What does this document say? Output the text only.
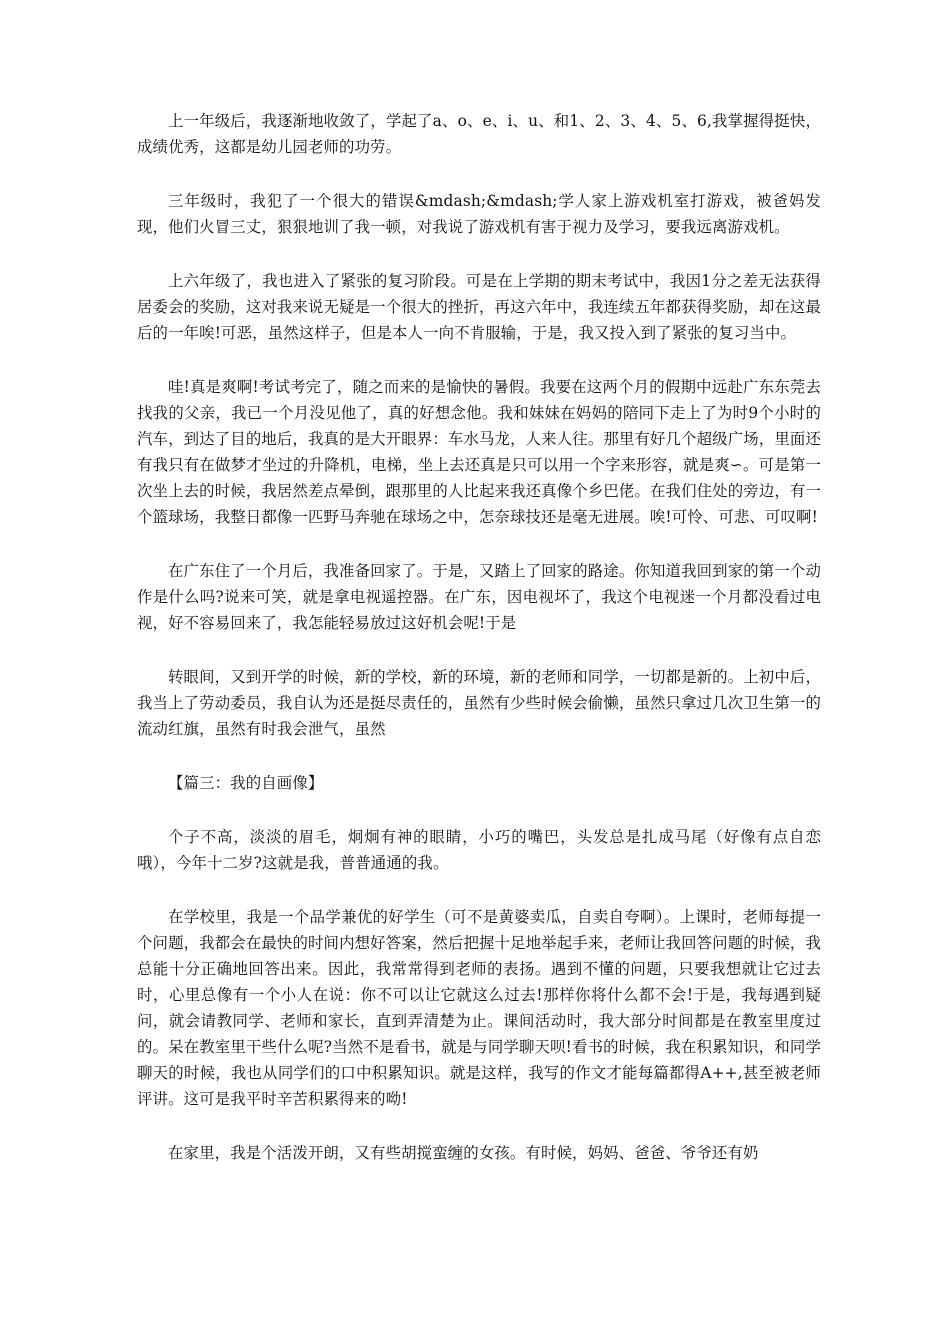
上一年级后，我逐渐地收敛了，学起了a、o、e、i、u、和1、2、3、4、5、6,我掌握得挺快，成绩优秀，这都是幼儿园老师的功劳。

三年级时，我犯了一个很大的错误&mdash;&mdash;学人家上游戏机室打游戏，被爸妈发现，他们火冒三丈，狠狠地训了我一顿，对我说了游戏机有害于视力及学习，要我远离游戏机。

上六年级了，我也进入了紧张的复习阶段。可是在上学期的期末考试中，我因1分之差无法获得居委会的奖励，这对我来说无疑是一个很大的挫折，再这六年中，我连续五年都获得奖励，却在这最后的一年唉!可恶，虽然这样子，但是本人一向不肯服输，于是，我又投入到了紧张的复习当中。

哇!真是爽啊!考试考完了，随之而来的是愉快的暑假。我要在这两个月的假期中远赴广东东莞去找我的父亲，我已一个月没见他了，真的好想念他。我和妹妹在妈妈的陪同下走上了为时9个小时的汽车，到达了目的地后，我真的是大开眼界：车水马龙，人来人往。那里有好几个超级广场，里面还有我只有在做梦才坐过的升降机，电梯，坐上去还真是只可以用一个字来形容，就是爽∽。可是第一次坐上去的时候，我居然差点晕倒，跟那里的人比起来我还真像个乡巴佬。在我们住处的旁边，有一个篮球场，我整日都像一匹野马奔驰在球场之中，怎奈球技还是毫无进展。唉!可怜、可悲、可叹啊!

在广东住了一个月后，我准备回家了。于是，又踏上了回家的路途。你知道我回到家的第一个动作是什么吗?说来可笑，就是拿电视遥控器。在广东，因电视坏了，我这个电视迷一个月都没看过电视，好不容易回来了，我怎能轻易放过这好机会呢!于是

转眼间，又到开学的时候，新的学校，新的环境，新的老师和同学，一切都是新的。上初中后，我当上了劳动委员，我自认为还是挺尽责任的，虽然有少些时候会偷懒，虽然只拿过几次卫生第一的流动红旗，虽然有时我会泄气，虽然

【篇三：我的自画像】

个子不高，淡淡的眉毛，炯炯有神的眼睛，小巧的嘴巴，头发总是扎成马尾（好像有点自恋哦），今年十二岁?这就是我，普普通通的我。

在学校里，我是一个品学兼优的好学生（可不是黄婆卖瓜，自卖自夸啊）。上课时，老师每提一个问题，我都会在最快的时间内想好答案，然后把握十足地举起手来，老师让我回答问题的时候，我总能十分正确地回答出来。因此，我常常得到老师的表扬。遇到不懂的问题，只要我想就让它过去时，心里总像有一个小人在说：你不可以让它就这么过去!那样你将什么都不会!于是，我每遇到疑问，就会请教同学、老师和家长，直到弄清楚为止。课间活动时，我大部分时间都是在教室里度过的。呆在教室里干些什么呢?当然不是看书，就是与同学聊天呗!看书的时候，我在积累知识，和同学聊天的时候，我也从同学们的口中积累知识。就是这样，我写的作文才能每篇都得A++,甚至被老师评讲。这可是我平时辛苦积累得来的呦!

在家里，我是个活泼开朗，又有些胡搅蛮缠的女孩。有时候，妈妈、爸爸、爷爷还有奶
